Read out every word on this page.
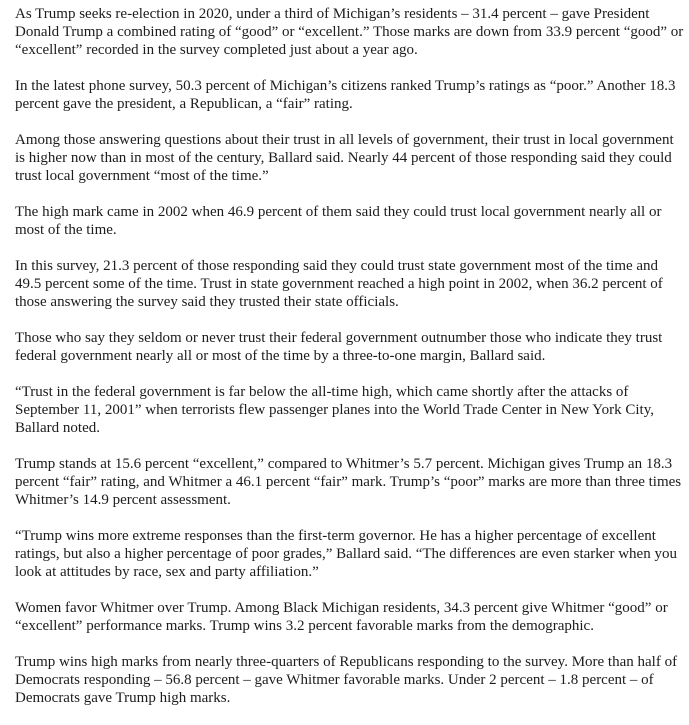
As Trump seeks re-election in 2020, under a third of Michigan’s residents – 31.4 percent – gave President Donald Trump a combined rating of “good” or “excellent.” Those marks are down from 33.9 percent “good” or “excellent” recorded in the survey completed just about a year ago.

In the latest phone survey, 50.3 percent of Michigan’s citizens ranked Trump’s ratings as “poor.” Another 18.3 percent gave the president, a Republican, a “fair” rating.

Among those answering questions about their trust in all levels of government, their trust in local government is higher now than in most of the century, Ballard said. Nearly 44 percent of those responding said they could trust local government “most of the time.”

The high mark came in 2002 when 46.9 percent of them said they could trust local government nearly all or most of the time.

In this survey, 21.3 percent of those responding said they could trust state government most of the time and 49.5 percent some of the time. Trust in state government reached a high point in 2002, when 36.2 percent of those answering the survey said they trusted their state officials.

Those who say they seldom or never trust their federal government outnumber those who indicate they trust federal government nearly all or most of the time by a three-to-one margin, Ballard said.

“Trust in the federal government is far below the all-time high, which came shortly after the attacks of September 11, 2001” when terrorists flew passenger planes into the World Trade Center in New York City, Ballard noted.

Trump stands at 15.6 percent “excellent,” compared to Whitmer’s 5.7 percent. Michigan gives Trump an 18.3 percent “fair” rating, and Whitmer a 46.1 percent “fair” mark. Trump’s “poor” marks are more than three times Whitmer’s 14.9 percent assessment.

“Trump wins more extreme responses than the first-term governor. He has a higher percentage of excellent ratings, but also a higher percentage of poor grades,” Ballard said. “The differences are even starker when you look at attitudes by race, sex and party affiliation.”

Women favor Whitmer over Trump. Among Black Michigan residents, 34.3 percent give Whitmer “good” or “excellent” performance marks. Trump wins 3.2 percent favorable marks from the demographic.

Trump wins high marks from nearly three-quarters of Republicans responding to the survey. More than half of Democrats responding – 56.8 percent – gave Whitmer favorable marks. Under 2 percent – 1.8 percent – of Democrats gave Trump high marks.
